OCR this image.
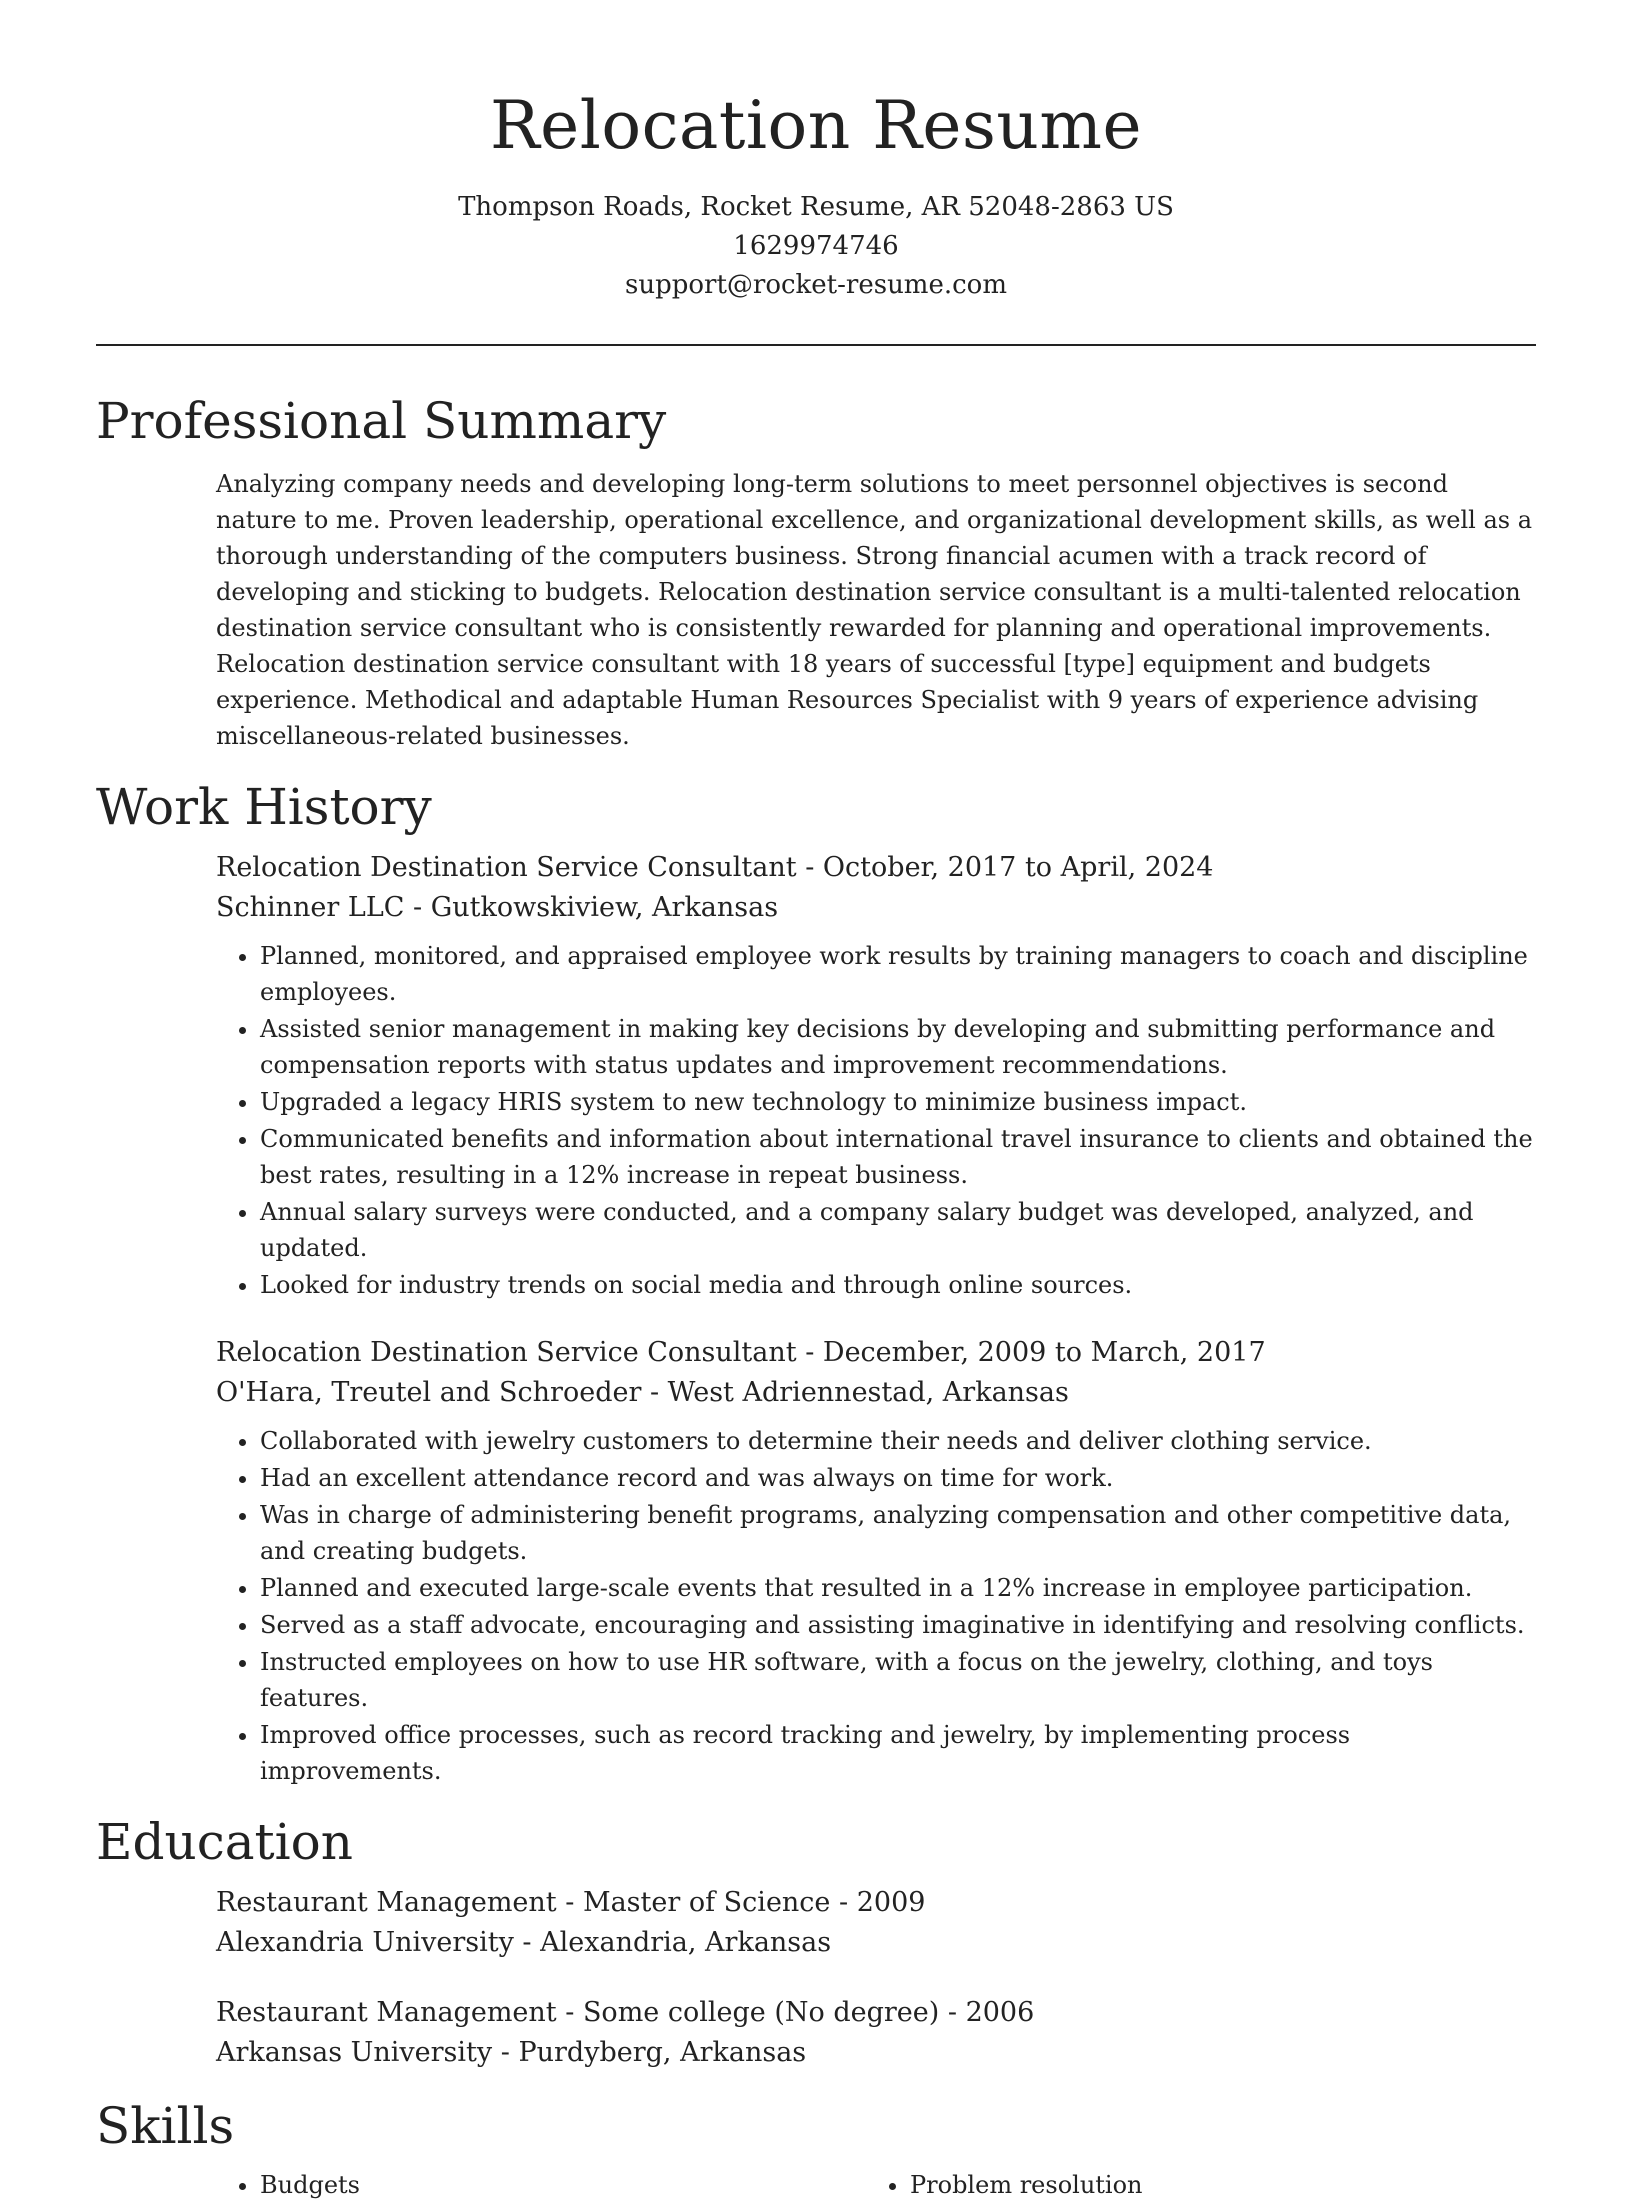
Relocation Resume
Thompson Roads, Rocket Resume, AR 52048-2863 US
1629974746
support@rocket-resume.com
Professional Summary

Analyzing company needs and developing long-term solutions to meet personnel objectives is second nature to me. Proven leadership, operational excellence, and organizational development skills, as well as a thorough understanding of the computers business. Strong financial acumen with a track record of developing and sticking to budgets. Relocation destination service consultant is a multi-talented relocation destination service consultant who is consistently rewarded for planning and operational improvements. Relocation destination service consultant with 18 years of successful [type] equipment and budgets experience. Methodical and adaptable Human Resources Specialist with 9 years of experience advising miscellaneous-related businesses.

Work History
Relocation Destination Service Consultant - October, 2017 to April, 2024
Schinner LLC - Gutkowskiview, Arkansas
• Planned, monitored, and appraised employee work results by training managers to coach and discipline employees.
• Assisted senior management in making key decisions by developing and submitting performance and compensation reports with status updates and improvement recommendations.
• Upgraded a legacy HRIS system to new technology to minimize business impact.
• Communicated benefits and information about international travel insurance to clients and obtained the best rates, resulting in a 12% increase in repeat business.
• Annual salary surveys were conducted, and a company salary budget was developed, analyzed, and updated.
• Looked for industry trends on social media and through online sources.
Relocation Destination Service Consultant - December, 2009 to March, 2017
O'Hara, Treutel and Schroeder - West Adriennestad, Arkansas
• Collaborated with jewelry customers to determine their needs and deliver clothing service.
• Had an excellent attendance record and was always on time for work.
• Was in charge of administering benefit programs, analyzing compensation and other competitive data, and creating budgets.
• Planned and executed large-scale events that resulted in a 12% increase in employee participation.
• Served as a staff advocate, encouraging and assisting imaginative in identifying and resolving conflicts.
• Instructed employees on how to use HR software, with a focus on the jewelry, clothing, and toys features.
• Improved office processes, such as record tracking and jewelry, by implementing process improvements.
Education
Restaurant Management - Master of Science - 2009
Alexandria University - Alexandria, Arkansas
Restaurant Management - Some college (No degree) - 2006
Arkansas University - Purdyberg, Arkansas
Skills
• Budgets
•	Problem resolution
